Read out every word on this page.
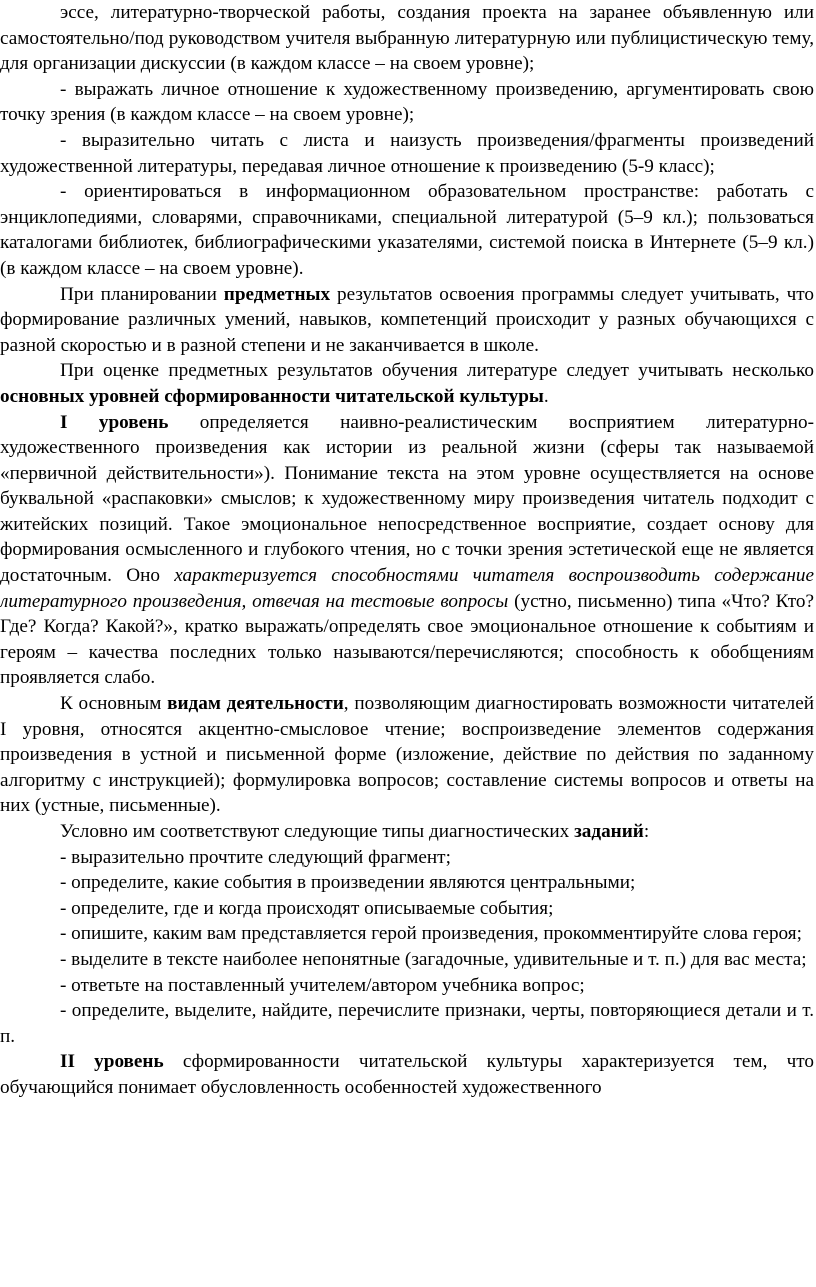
эссе, литературно-творческой работы, создания проекта на заранее объявленную или самостоятельно/под руководством учителя выбранную литературную или публицистическую тему, для организации дискуссии (в каждом классе – на своем уровне);

- выражать личное отношение к художественному произведению, аргументировать свою точку зрения (в каждом классе – на своем уровне);

- выразительно читать с листа и наизусть произведения/фрагменты произведений художественной литературы, передавая личное отношение к произведению (5-9 класс);

- ориентироваться в информационном образовательном пространстве: работать с энциклопедиями, словарями, справочниками, специальной литературой (5–9 кл.); пользоваться каталогами библиотек, библиографическими указателями, системой поиска в Интернете (5–9 кл.) (в каждом классе – на своем уровне).

При планировании предметных результатов освоения программы следует учитывать, что формирование различных умений, навыков, компетенций происходит у разных обучающихся с разной скоростью и в разной степени и не заканчивается в школе.

При оценке предметных результатов обучения литературе следует учитывать несколько основных уровней сформированности читательской культуры.

I уровень определяется наивно-реалистическим восприятием литературно-художественного произведения как истории из реальной жизни (сферы так называемой «первичной действительности»). Понимание текста на этом уровне осуществляется на основе буквальной «распаковки» смыслов; к художественному миру произведения читатель подходит с житейских позиций. Такое эмоциональное непосредственное восприятие, создает основу для формирования осмысленного и глубокого чтения, но с точки зрения эстетической еще не является достаточным. Оно характеризуется способностями читателя воспроизводить содержание литературного произведения, отвечая на тестовые вопросы (устно, письменно) типа «Что? Кто? Где? Когда? Какой?», кратко выражать/определять свое эмоциональное отношение к событиям и героям – качества последних только называются/перечисляются; способность к обобщениям проявляется слабо.

К основным видам деятельности, позволяющим диагностировать возможности читателей I уровня, относятся акцентно-смысловое чтение; воспроизведение элементов содержания произведения в устной и письменной форме (изложение, действие по действия по заданному алгоритму с инструкцией); формулировка вопросов; составление системы вопросов и ответы на них (устные, письменные).

Условно им соответствуют следующие типы диагностических заданий:

- выразительно прочтите следующий фрагмент;

- определите, какие события в произведении являются центральными;

- определите, где и когда происходят описываемые события;

- опишите, каким вам представляется герой произведения, прокомментируйте слова героя;

- выделите в тексте наиболее непонятные (загадочные, удивительные и т. п.) для вас места;

- ответьте на поставленный учителем/автором учебника вопрос;

- определите, выделите, найдите, перечислите признаки, черты, повторяющиеся детали и т. п.

II уровень сформированности читательской культуры характеризуется тем, что обучающийся понимает обусловленность особенностей художественного
